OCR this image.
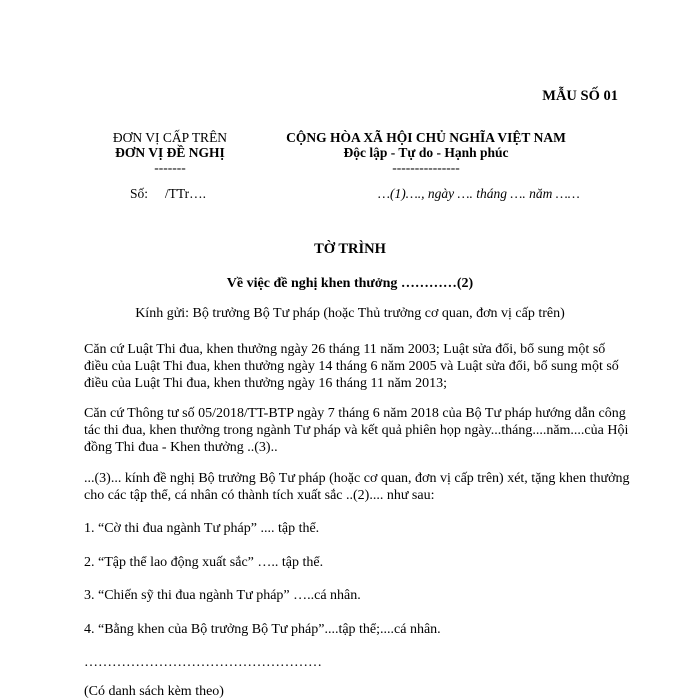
MẪU SỐ 01
ĐƠN VỊ CẤP TRÊN
ĐƠN VỊ ĐỀ NGHỊ
-------
CỘNG HÒA XÃ HỘI CHỦ NGHĨA VIỆT NAM
Độc lập - Tự do - Hạnh phúc
---------------
Số:     /TTr….	…(1)…., ngày …. tháng …. năm ……
TỜ TRÌNH
Về việc đề nghị khen thưởng …………(2)
Kính gửi: Bộ trưởng Bộ Tư pháp (hoặc Thủ trưởng cơ quan, đơn vị cấp trên)
Căn cứ Luật Thi đua, khen thưởng ngày 26 tháng 11 năm 2003; Luật sửa đổi, bổ sung một số
điều của Luật Thi đua, khen thưởng ngày 14 tháng 6 năm 2005 và Luật sửa đổi, bổ sung một số
điều của Luật Thi đua, khen thưởng ngày 16 tháng 11 năm 2013;
Căn cứ Thông tư số 05/2018/TT-BTP ngày 7 tháng 6 năm 2018 của Bộ Tư pháp hướng dẫn công
tác thi đua, khen thưởng trong ngành Tư pháp và kết quả phiên họp ngày...tháng....năm....của Hội
đồng Thi đua - Khen thưởng ..(3)..
...(3)... kính đề nghị Bộ trưởng Bộ Tư pháp (hoặc cơ quan, đơn vị cấp trên) xét, tặng khen thưởng
cho các tập thể, cá nhân có thành tích xuất sắc ..(2).... như sau:
1. “Cờ thi đua ngành Tư pháp” .... tập thể.
2. “Tập thể lao động xuất sắc” ….. tập thể.
3. “Chiến sỹ thi đua ngành Tư pháp” …..cá nhân.
4. “Bằng khen của Bộ trưởng Bộ Tư pháp”....tập thể;....cá nhân.
……………………………………………
(Có danh sách kèm theo)
